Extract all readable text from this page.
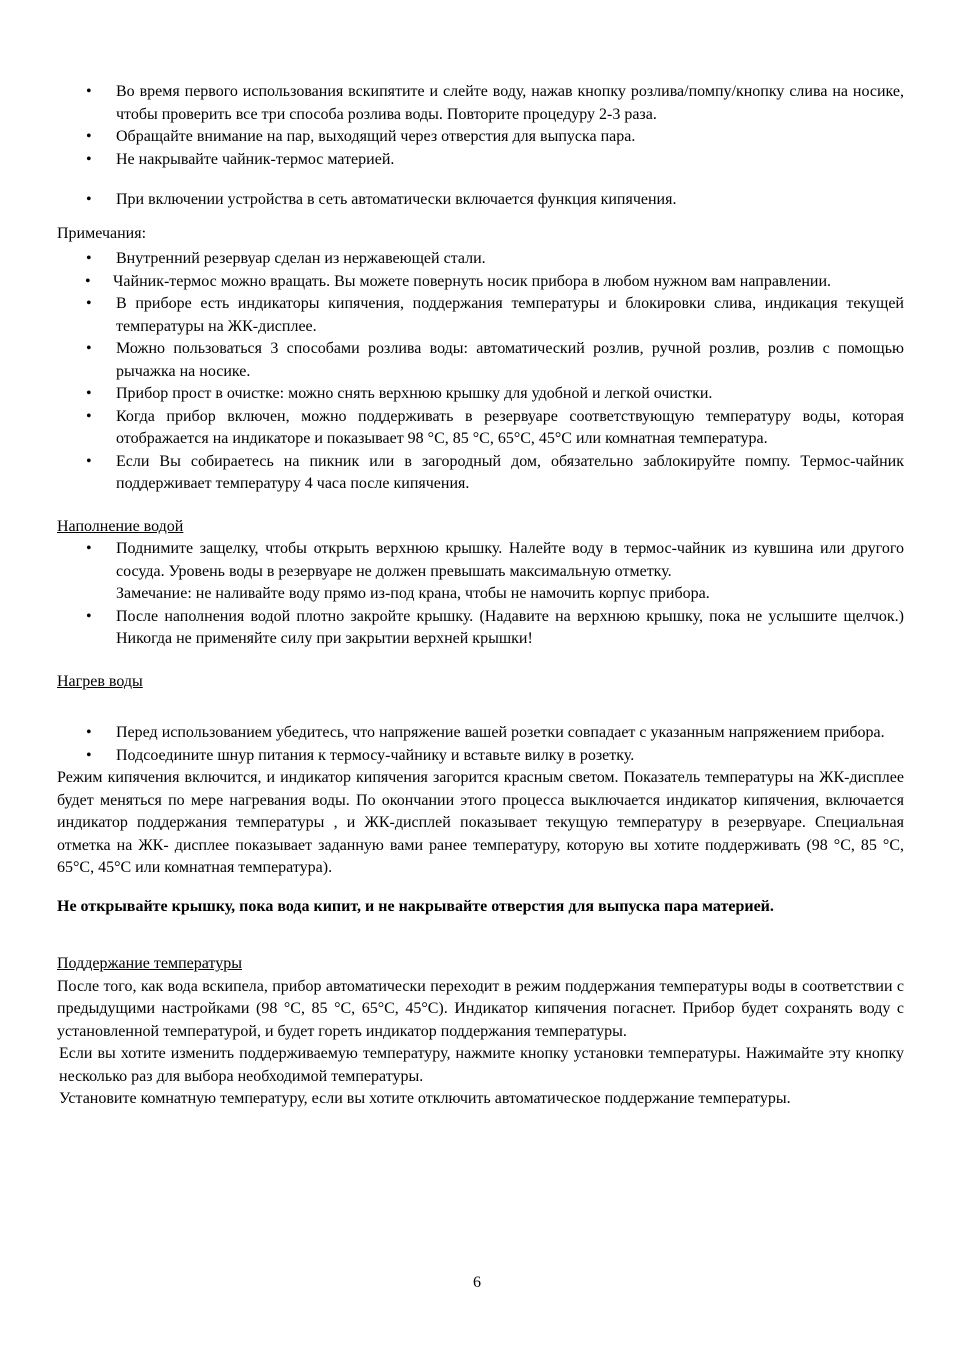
• Во время первого использования вскипятите и слейте воду, нажав кнопку розлива/помпу/кнопку слива на носике, чтобы проверить все три способа розлива воды. Повторите процедуру 2-3 раза.
• Обращайте внимание на пар, выходящий через отверстия для выпуска пара.
• Не накрывайте чайник-термос материей.
• При включении устройства в сеть автоматически включается функция кипячения.

Примечания:

• Внутренний резервуар сделан из нержавеющей стали.

• Чайник-термос можно вращать. Вы можете повернуть носик прибора в любом нужном вам направлении.

• В приборе есть индикаторы кипячения, поддержания температуры и блокировки слива, индикация текущей температуры на ЖК-дисплее.
• Можно пользоваться 3 способами розлива воды: автоматический розлив, ручной розлив, розлив с помощью рычажка на носике.
• Прибор прост в очистке: можно снять верхнюю крышку для удобной и легкой очистки.
• Когда прибор включен, можно поддерживать в резервуаре соответствующую температуру воды, которая отображается на индикаторе и показывает 98 °C, 85 °C, 65°C, 45°C или комнатная температура.
• Если Вы собираетесь на пикник или в загородный дом, обязательно заблокируйте помпу. Термос-чайник поддерживает температуру 4 часа после кипячения.

Наполнение водой

• Поднимите защелку, чтобы открыть верхнюю крышку. Налейте воду в термос-чайник из кувшина или другого сосуда. Уровень воды в резервуаре не должен превышать максимальную отметку.
Замечание: не наливайте воду прямо из-под крана, чтобы не намочить корпус прибора.
• После наполнения водой плотно закройте крышку. (Надавите на верхнюю крышку, пока не услышите щелчок.) Никогда не применяйте силу при закрытии верхней крышки!

Нагрев воды

• Перед использованием убедитесь, что напряжение вашей розетки совпадает с указанным напряжением прибора.
• Подсоедините шнур питания к термосу-чайнику и вставьте вилку в розетку.

Режим кипячения включится, и индикатор кипячения загорится красным светом. Показатель температуры на ЖК-дисплее будет меняться по мере нагревания воды. По окончании этого процесса выключается индикатор кипячения, включается индикатор поддержания температуры , и ЖК-дисплей показывает текущую температуру в резервуаре. Специальная отметка на ЖК- дисплее показывает заданную вами ранее температуру, которую вы хотите поддерживать (98 °C, 85 °C, 65°C, 45°C или комнатная температура).

Не открывайте крышку, пока вода кипит, и не накрывайте отверстия для выпуска пара материей.

Поддержание температуры

После того, как вода вскипела, прибор автоматически переходит в режим поддержания температуры воды в соответствии с предыдущими настройками (98 °C, 85 °C, 65°C, 45°C). Индикатор кипячения погаснет. Прибор будет сохранять воду с установленной температурой, и будет гореть индикатор поддержания температуры.

Если вы хотите изменить поддерживаемую температуру, нажмите кнопку установки температуры. Нажимайте эту кнопку несколько раз для выбора необходимой температуры.

Установите комнатную температуру, если вы хотите отключить автоматическое поддержание температуры.

6
